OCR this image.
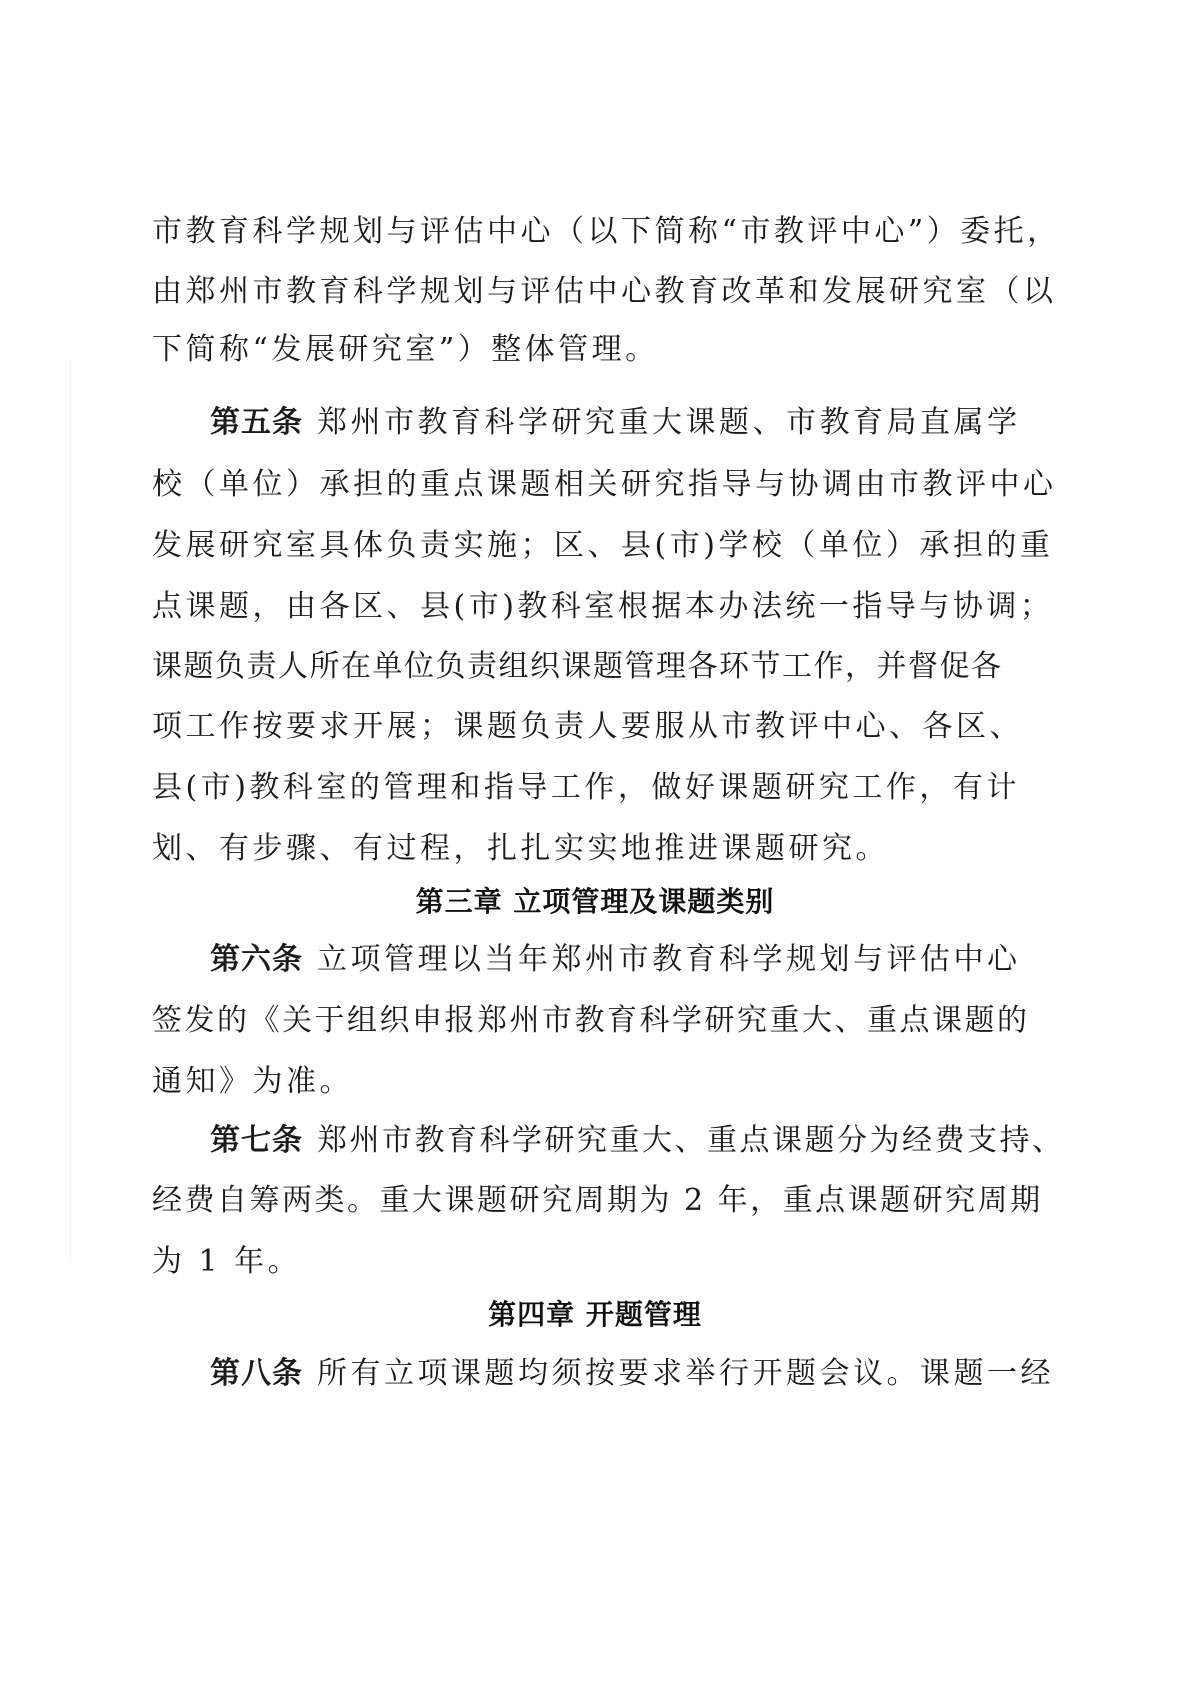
市教育科学规划与评估中心（以下简称“市教评中心”）委托，
由郑州市教育科学规划与评估中心教育改革和发展研究室（以
下简称“发展研究室”）整体管理。
第五条 郑州市教育科学研究重大课题、市教育局直属学
校（单位）承担的重点课题相关研究指导与协调由市教评中心
发展研究室具体负责实施；区、县(市)学校（单位）承担的重
点课题，由各区、县(市)教科室根据本办法统一指导与协调；
课题负责人所在单位负责组织课题管理各环节工作，并督促各
项工作按要求开展；课题负责人要服从市教评中心、各区、
县(市)教科室的管理和指导工作，做好课题研究工作，有计
划、有步骤、有过程，扎扎实实地推进课题研究。
第三章 立项管理及课题类别
第六条 立项管理以当年郑州市教育科学规划与评估中心
签发的《关于组织申报郑州市教育科学研究重大、重点课题的
通知》为准。
第七条 郑州市教育科学研究重大、重点课题分为经费支持、
经费自筹两类。重大课题研究周期为 2 年，重点课题研究周期
为 1 年。
第四章 开题管理
第八条 所有立项课题均须按要求举行开题会议。课题一经
